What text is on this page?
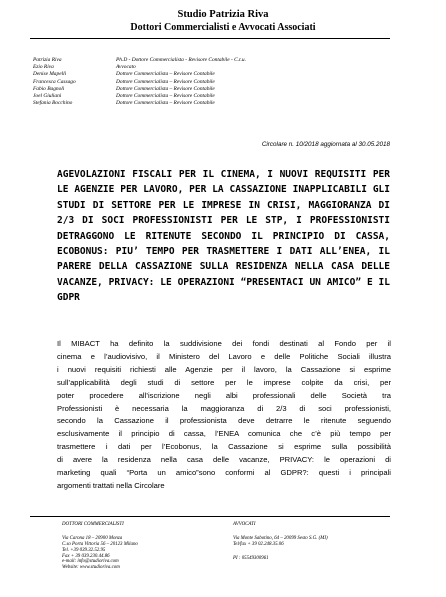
Studio Patrizia Riva
Dottori Commercialisti e Avvocati Associati
Patrizia Riva	Ph.D - Dottore Commercialista - Revisore Contabile - C.t.u.
Ezio Riva	Avvocato
Denise Mapelli	Dottore Commercialista – Revisore Contabile
Francesca Cassago	Dottore Commercialista – Revisore Contabile
Fabio Bagnoli	Dottore Commercialista – Revisore Contabile
Joel Giuliani	Dottore Commercialista – Revisore Contabile
Stefania Bocchino	Dottore Commercialista – Revisore Contabile
Circolare n. 10/2018 aggiornata al 30.05.2018
AGEVOLAZIONI FISCALI PER IL CINEMA, I NUOVI REQUISITI PER LE AGENZIE PER LAVORO, PER LA CASSAZIONE INAPPLICABILI GLI STUDI DI SETTORE PER LE IMPRESE IN CRISI, MAGGIORANZA DI 2/3 DI SOCI PROFESSIONISTI PER LE STP, I PROFESSIONISTI DETRAGGONO LE RITENUTE SECONDO IL PRINCIPIO DI CASSA, ECOBONUS: PIU’ TEMPO PER TRASMETTERE I DATI ALL’ENEA, IL PARERE DELLA CASSAZIONE SULLA RESIDENZA NELLA CASA DELLE VACANZE, PRIVACY: LE OPERAZIONI “PRESENTACI UN AMICO” E IL GDPR
Il MIBACT ha definito la suddivisione dei fondi destinati al Fondo per il
cinema e l’audiovisivo, il Ministero del Lavoro e delle Politiche Sociali illustra
i nuovi requisiti richiesti alle Agenzie per il lavoro, la Cassazione si esprime
sull’applicabilità degli studi di settore per le imprese colpite da crisi, per
poter procedere all’iscrizione negli albi professionali delle Società tra
Professionisti è necessaria la maggioranza di 2/3 di soci professionisti,
secondo la Cassazione il professionista deve detrarre le ritenute seguendo
esclusivamente il principio di cassa, l’ENEA comunica che c’è più tempo per
trasmettere i dati per l’Ecobonus, la Cassazione si esprime sulla possibilità
di avere la residenza nella casa delle vacanze, PRIVACY: le operazioni di
marketing quali “Porta un amico”sono conformi al GDPR?: questi i principali
argomenti trattati nella Circolare
DOTTORI COMMERCIALISTI
Via Carona 18 – 20900 Monza
C.so Porta Vittoria 56 – 20123 Milano
Tel. +39 039.32.52.95
Fax + 39 039.230.44.86
e-mail: info@studioriva.com
Website: www.studioriva.com
AVVOCATI
Via Monte Sabotino, 64 – 20099 Sesto S.G. (MI)
Tel/fax + 39 02.248.35.06
PI : 05549300961
